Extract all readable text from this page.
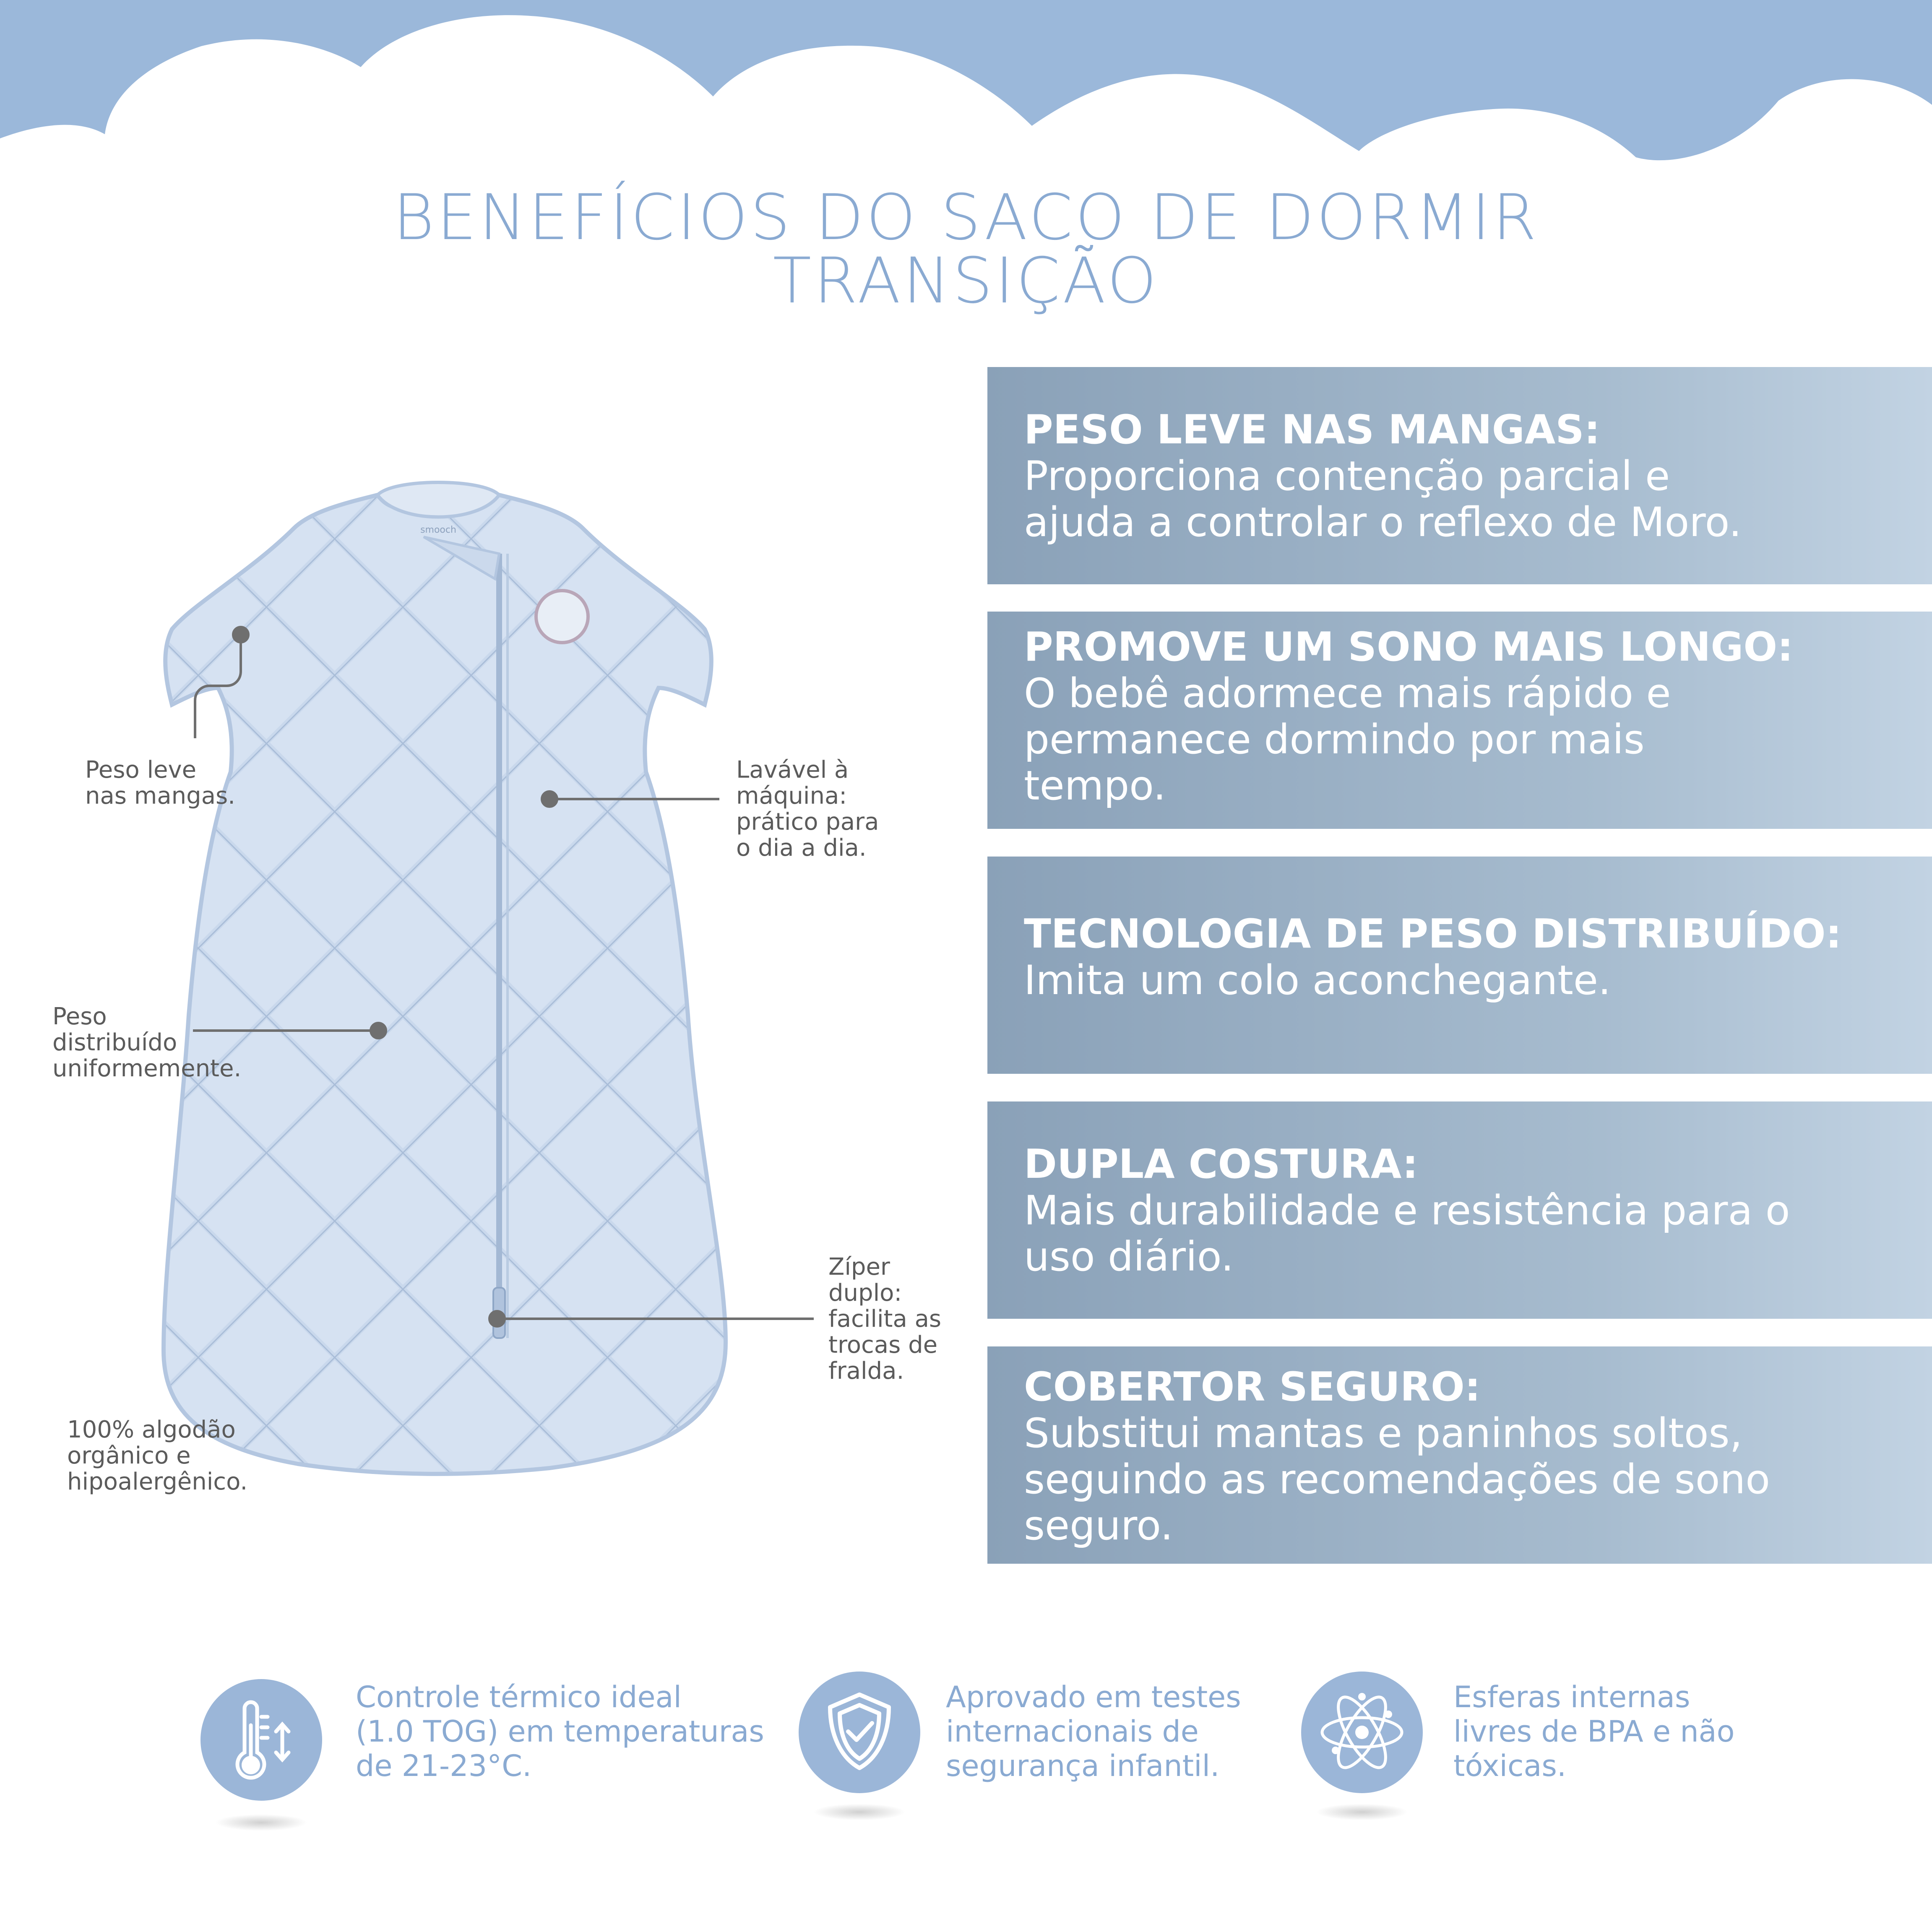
BENEFÍCIOS DO SACO DE DORMIR
TRANSIÇÃO
smooch
Peso leve
nas mangas.
Lavável à
máquina:
prático para
o dia a dia.
Peso
distribuído
uniformemente.
Zíper
duplo:
facilita as
trocas de
fralda.
100% algodão
orgânico e
hipoalergênico.
PESO LEVE NAS MANGAS:
Proporciona contenção parcial e
ajuda a controlar o reflexo de Moro.
PROMOVE UM SONO MAIS LONGO:
O bebê adormece mais rápido e
permanece dormindo por mais
tempo.
TECNOLOGIA DE PESO DISTRIBUÍDO:
Imita um colo aconchegante.
DUPLA COSTURA:
Mais durabilidade e resistência para o
uso diário.
COBERTOR SEGURO:
Substitui mantas e paninhos soltos,
seguindo as recomendações de sono
seguro.
Controle térmico ideal
(1.0 TOG) em temperaturas
de 21-23°C.
Aprovado em testes
internacionais de
segurança infantil.
Esferas internas
livres de BPA e não
tóxicas.
